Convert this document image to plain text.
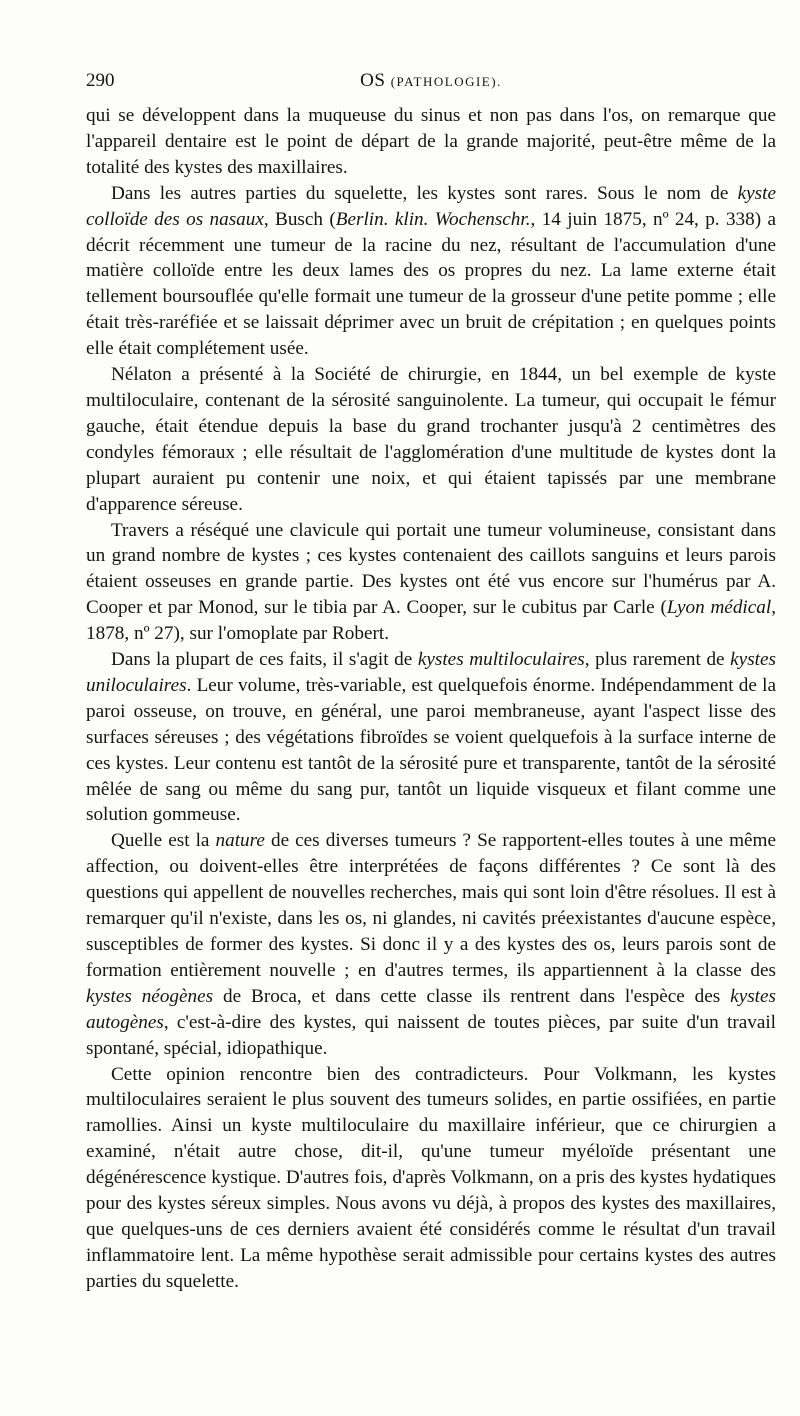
290	OS (PATHOLOGIE).

qui se développent dans la muqueuse du sinus et non pas dans l'os, on remarque que l'appareil dentaire est le point de départ de la grande majorité, peut-être même de la totalité des kystes des maxillaires.

Dans les autres parties du squelette, les kystes sont rares. Sous le nom de kyste colloïde des os nasaux, Busch (Berlin. klin. Wochenschr., 14 juin 1875, nº 24, p. 338) a décrit récemment une tumeur de la racine du nez, résultant de l'accumulation d'une matière colloïde entre les deux lames des os propres du nez. La lame externe était tellement boursouflée qu'elle formait une tumeur de la grosseur d'une petite pomme ; elle était très-raréfiée et se laissait déprimer avec un bruit de crépitation ; en quelques points elle était complétement usée.

Nélaton a présenté à la Société de chirurgie, en 1844, un bel exemple de kyste multiloculaire, contenant de la sérosité sanguinolente. La tumeur, qui occupait le fémur gauche, était étendue depuis la base du grand trochanter jusqu'à 2 centimètres des condyles fémoraux ; elle résultait de l'agglomération d'une multitude de kystes dont la plupart auraient pu contenir une noix, et qui étaient tapissés par une membrane d'apparence séreuse.

Travers a réséqué une clavicule qui portait une tumeur volumineuse, consistant dans un grand nombre de kystes ; ces kystes contenaient des caillots sanguins et leurs parois étaient osseuses en grande partie. Des kystes ont été vus encore sur l'humérus par A. Cooper et par Monod, sur le tibia par A. Cooper, sur le cubitus par Carle (Lyon médical, 1878, nº 27), sur l'omoplate par Robert.

Dans la plupart de ces faits, il s'agit de kystes multiloculaires, plus rarement de kystes uniloculaires. Leur volume, très-variable, est quelquefois énorme. Indépendamment de la paroi osseuse, on trouve, en général, une paroi membraneuse, ayant l'aspect lisse des surfaces séreuses ; des végétations fibroïdes se voient quelquefois à la surface interne de ces kystes. Leur contenu est tantôt de la sérosité pure et transparente, tantôt de la sérosité mêlée de sang ou même du sang pur, tantôt un liquide visqueux et filant comme une solution gommeuse.

Quelle est la nature de ces diverses tumeurs ? Se rapportent-elles toutes à une même affection, ou doivent-elles être interprétées de façons différentes ? Ce sont là des questions qui appellent de nouvelles recherches, mais qui sont loin d'être résolues. Il est à remarquer qu'il n'existe, dans les os, ni glandes, ni cavités préexistantes d'aucune espèce, susceptibles de former des kystes. Si donc il y a des kystes des os, leurs parois sont de formation entièrement nouvelle ; en d'autres termes, ils appartiennent à la classe des kystes néogènes de Broca, et dans cette classe ils rentrent dans l'espèce des kystes autogènes, c'est-à-dire des kystes, qui naissent de toutes pièces, par suite d'un travail spontané, spécial, idiopathique.

Cette opinion rencontre bien des contradicteurs. Pour Volkmann, les kystes multiloculaires seraient le plus souvent des tumeurs solides, en partie ossifiées, en partie ramollies. Ainsi un kyste multiloculaire du maxillaire inférieur, que ce chirurgien a examiné, n'était autre chose, dit-il, qu'une tumeur myéloïde présentant une dégénérescence kystique. D'autres fois, d'après Volkmann, on a pris des kystes hydatiques pour des kystes séreux simples. Nous avons vu déjà, à propos des kystes des maxillaires, que quelques-uns de ces derniers avaient été considérés comme le résultat d'un travail inflammatoire lent. La même hypothèse serait admissible pour certains kystes des autres parties du squelette.
